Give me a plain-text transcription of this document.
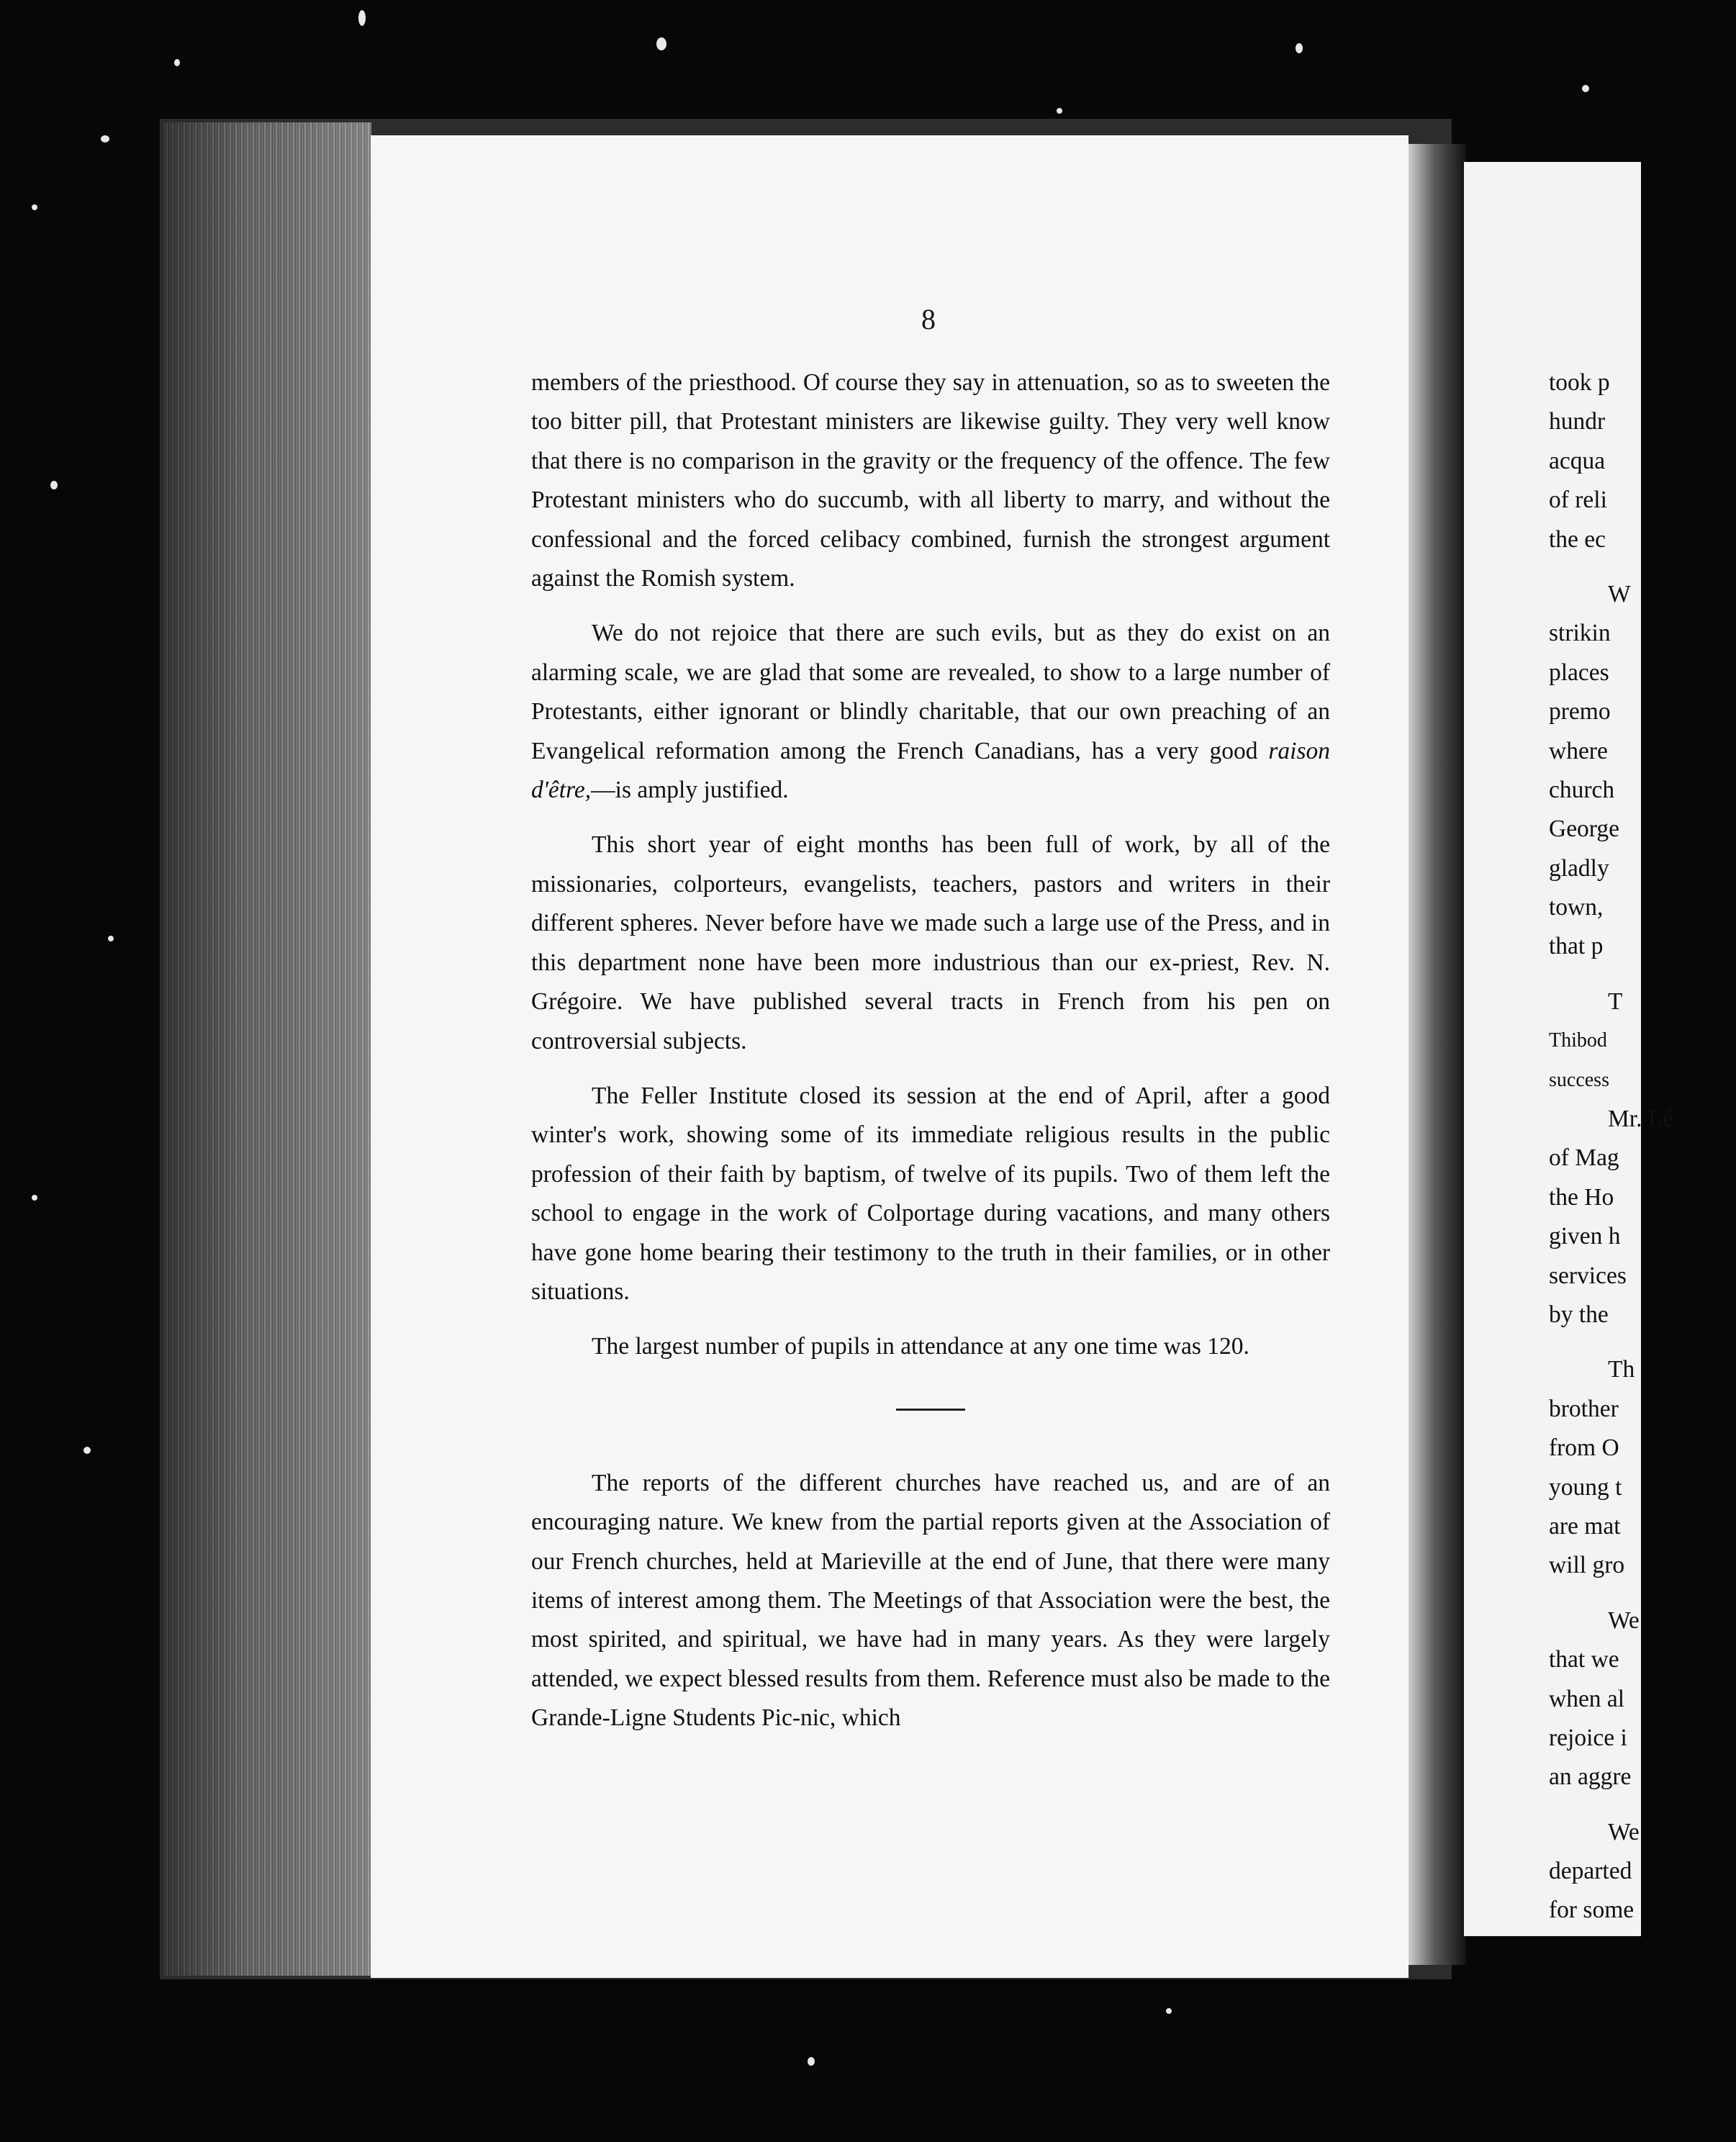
8

members of the priesthood. Of course they say in attenuation, so as to sweeten the too bitter pill, that Protestant ministers are likewise guilty. They very well know that there is no comparison in the gravity or the frequency of the offence. The few Protestant ministers who do succumb, with all liberty to marry, and without the confessional and the forced celibacy combined, furnish the strongest argument against the Romish system.

We do not rejoice that there are such evils, but as they do exist on an alarming scale, we are glad that some are revealed, to show to a large number of Protestants, either ignorant or blindly charitable, that our own preaching of an Evangelical reformation among the French Canadians, has a very good raison d'être,—is amply justified.

This short year of eight months has been full of work, by all of the missionaries, colporteurs, evangelists, teachers, pastors and writers in their different spheres. Never before have we made such a large use of the Press, and in this department none have been more industrious than our ex-priest, Rev. N. Grégoire. We have published several tracts in French from his pen on controversial subjects.

The Feller Institute closed its session at the end of April, after a good winter's work, showing some of its immediate religious results in the public profession of their faith by baptism, of twelve of its pupils. Two of them left the school to engage in the work of Colportage during vacations, and many others have gone home bearing their testimony to the truth in their families, or in other situations.

The largest number of pupils in attendance at any one time was 120.

The reports of the different churches have reached us, and are of an encouraging nature. We knew from the partial reports given at the Association of our French churches, held at Marieville at the end of June, that there were many items of interest among them. The Meetings of that Association were the best, the most spirited, and spiritual, we have had in many years. As they were largely attended, we expect blessed results from them. Reference must also be made to the Grande-Ligne Students Pic-nic, which

took p
hundr
acqua
of reli
the ec
W
strikin
places
premo
where
church
George
gladly
town,
that p
T
Thibod
success
Mr. Lé
of Mag
the Ho
given h
services
by the
Th
brother
from O
young t
are mat
will gro
We
that we
when al
rejoice i
an aggre
We
departed
for some
